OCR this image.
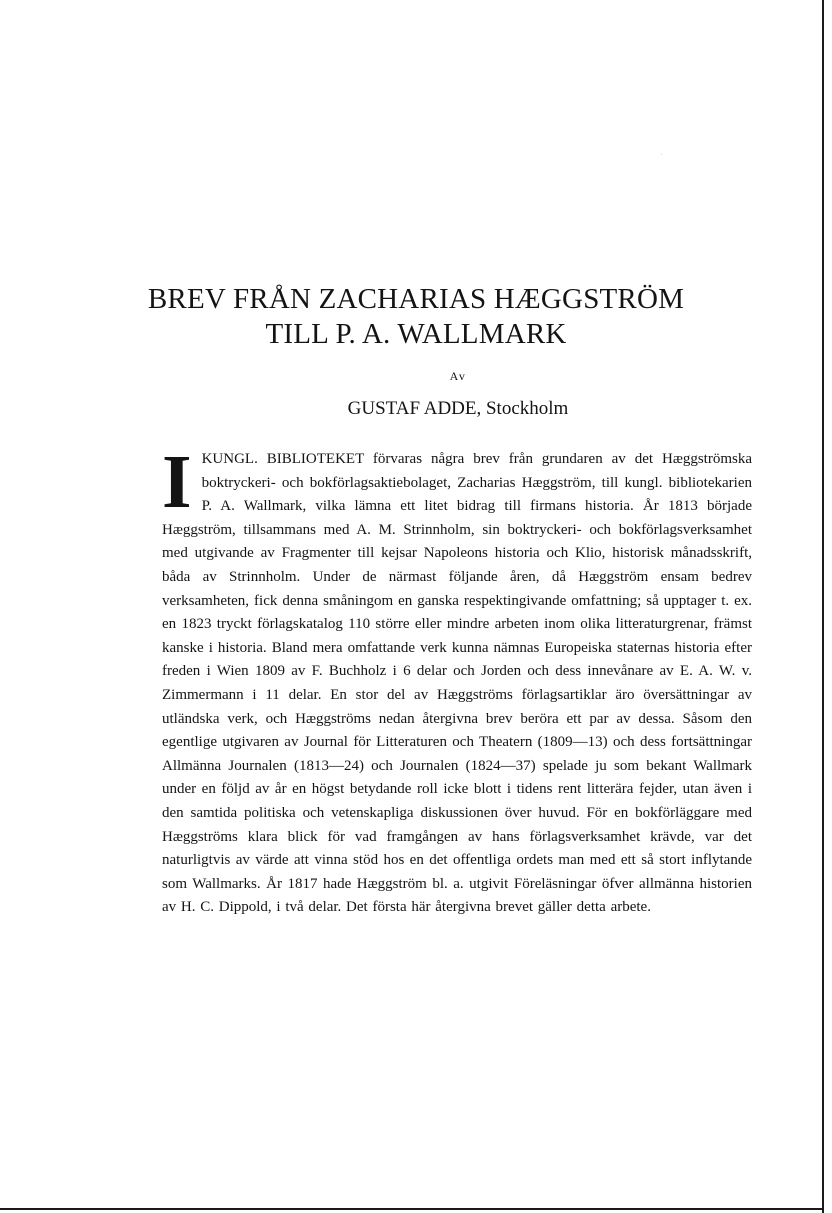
·
BREV FRÅN ZACHARIAS HÆGGSTRÖM
TILL P. A. WALLMARK
Av
GUSTAF ADDE, Stockholm
I KUNGL. BIBLIOTEKET förvaras några brev från grundaren av det Hæggströmska boktryckeri- och bokförlagsaktiebolaget, Zacharias Hæggström, till kungl. bibliotekarien P. A. Wallmark, vilka lämna ett litet bidrag till firmans historia. År 1813 började Hæggström, tillsammans med A. M. Strinnholm, sin boktryckeri- och bokförlagsverksamhet med utgivande av Fragmenter till kejsar Napoleons historia och Klio, historisk månadsskrift, båda av Strinnholm. Under de närmast följande åren, då Hæggström ensam bedrev verksamheten, fick denna småningom en ganska respektingivande omfattning; så upptager t. ex. en 1823 tryckt förlagskatalog 110 större eller mindre arbeten inom olika litteraturgrenar, främst kanske i historia. Bland mera omfattande verk kunna nämnas Europeiska staternas historia efter freden i Wien 1809 av F. Buchholz i 6 delar och Jorden och dess innevånare av E. A. W. v. Zimmermann i 11 delar. En stor del av Hæggströms förlagsartiklar äro översättningar av utländska verk, och Hæggströms nedan återgivna brev beröra ett par av dessa. Såsom den egentlige utgivaren av Journal för Litteraturen och Theatern (1809—13) och dess fortsättningar Allmänna Journalen (1813—24) och Journalen (1824—37) spelade ju som bekant Wallmark under en följd av år en högst betydande roll icke blott i tidens rent litterära fejder, utan även i den samtida politiska och vetenskapliga diskussionen över huvud. För en bokförläggare med Hæggströms klara blick för vad framgången av hans förlagsverksamhet krävde, var det naturligtvis av värde att vinna stöd hos en det offentliga ordets man med ett så stort inflytande som Wallmarks. År 1817 hade Hæggström bl. a. utgivit Föreläsningar öfver allmänna historien av H. C. Dippold, i två delar. Det första här återgivna brevet gäller detta arbete.
